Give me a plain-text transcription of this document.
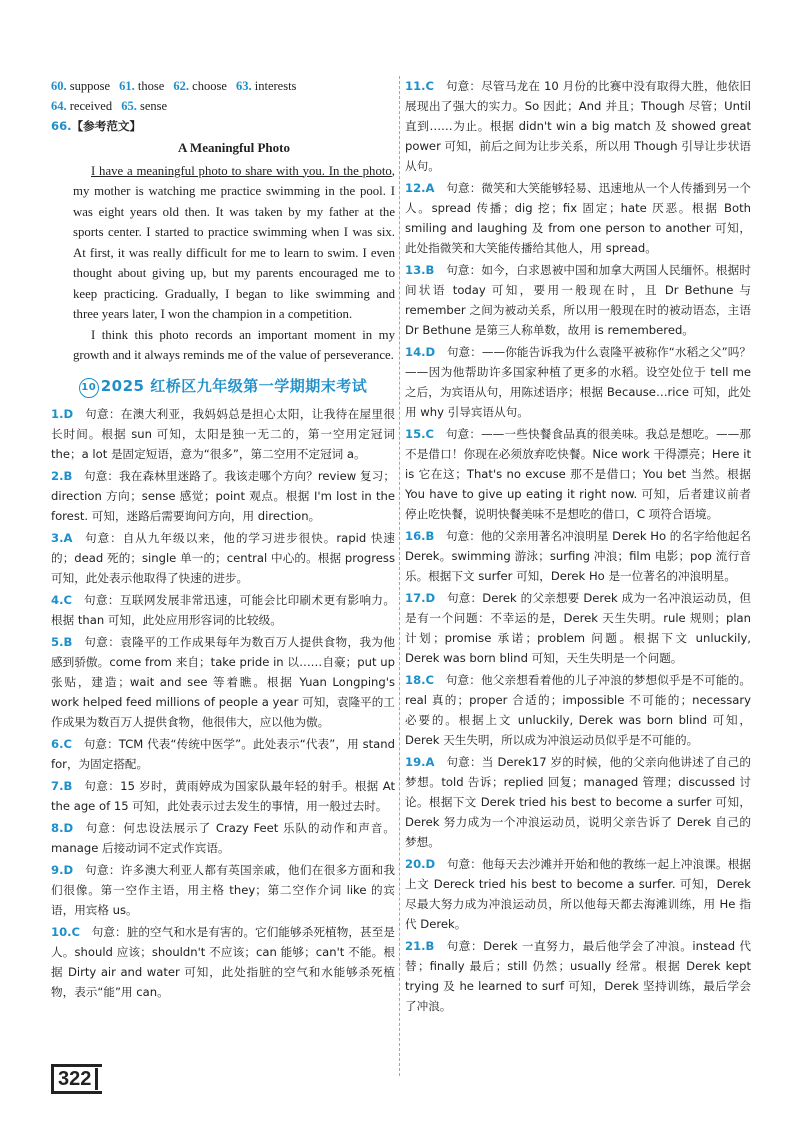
60. suppose 61. those 62. choose 63. interests
64. received 65. sense
66.【参考范文】
A Meaningful Photo

I have a meaningful photo to share with you. In the photo, my mother is watching me practice swimming in the pool. I was eight years old then. It was taken by my father at the sports center. I started to practice swimming when I was six. At first, it was really difficult for me to learn to swim. I even thought about giving up, but my parents encouraged me to keep practicing. Gradually, I began to like swimming and three years later, I won the champion in a competition.

I think this photo records an important moment in my growth and it always reminds me of the value of perseverance.

10 2025 红桥区九年级第一学期期末考试
1.D  句意：在澳大利亚，我妈妈总是担心太阳，让我待在屋里很长时间。根据 sun 可知，太阳是独一无二的，第一空用定冠词 the；a lot 是固定短语，意为“很多”，第二空用不定冠词 a。
2.B  句意：我在森林里迷路了。我该走哪个方向？review 复习；direction 方向；sense 感觉；point 观点。根据 I'm lost in the forest. 可知，迷路后需要询问方向，用 direction。
3.A  句意：自从九年级以来，他的学习进步很快。rapid 快速的；dead 死的；single 单一的；central 中心的。根据 progress 可知，此处表示他取得了快速的进步。
4.C  句意：互联网发展非常迅速，可能会比印刷术更有影响力。根据 than 可知，此处应用形容词的比较级。
5.B  句意：袁隆平的工作成果每年为数百万人提供食物，我为他感到骄傲。come from 来自；take pride in 以……自豪；put up 张贴，建造；wait and see 等着瞧。根据 Yuan Longping's work helped feed millions of people a year 可知，袁隆平的工作成果为数百万人提供食物，他很伟大，应以他为傲。
6.C  句意：TCM 代表“传统中医学”。此处表示“代表”，用 stand for，为固定搭配。
7.B  句意：15 岁时，黄雨婷成为国家队最年轻的射手。根据 At the age of 15 可知，此处表示过去发生的事情，用一般过去时。
8.D  句意：何忠设法展示了 Crazy Feet 乐队的动作和声音。manage 后接动词不定式作宾语。
9.D  句意：许多澳大利亚人都有英国亲戚，他们在很多方面和我们很像。第一空作主语，用主格 they；第二空作介词 like 的宾语，用宾格 us。
10.C  句意：脏的空气和水是有害的。它们能够杀死植物，甚至是人。should 应该；shouldn't 不应该；can 能够；can't 不能。根据 Dirty air and water 可知，此处指脏的空气和水能够杀死植物，表示“能”用 can。
11.C  句意：尽管马龙在 10 月份的比赛中没有取得大胜，他依旧展现出了强大的实力。So 因此；And 并且；Though 尽管；Until 直到……为止。根据 didn't win a big match 及 showed great power 可知，前后之间为让步关系，所以用 Though 引导让步状语从句。
12.A  句意：微笑和大笑能够轻易、迅速地从一个人传播到另一个人。spread 传播；dig 挖；fix 固定；hate 厌恶。根据 Both smiling and laughing 及 from one person to another 可知，此处指微笑和大笑能传播给其他人，用 spread。
13.B  句意：如今，白求恩被中国和加拿大两国人民缅怀。根据时间状语 today 可知，要用一般现在时，且 Dr Bethune 与 remember 之间为被动关系，所以用一般现在时的被动语态，主语 Dr Bethune 是第三人称单数，故用 is remembered。
14.D  句意：——你能告诉我为什么袁隆平被称作“水稻之父”吗？——因为他帮助许多国家种植了更多的水稻。设空处位于 tell me 之后，为宾语从句，用陈述语序；根据 Because…rice 可知，此处用 why 引导宾语从句。
15.C  句意：——一些快餐食品真的很美味。我总是想吃。——那不是借口！你现在必须放弃吃快餐。Nice work 干得漂亮；Here it is 它在这；That's no excuse 那不是借口；You bet 当然。根据 You have to give up eating it right now. 可知，后者建议前者停止吃快餐，说明快餐美味不是想吃的借口，C 项符合语境。
16.B  句意：他的父亲用著名冲浪明星 Derek Ho 的名字给他起名 Derek。swimming 游泳；surfing 冲浪；film 电影；pop 流行音乐。根据下文 surfer 可知，Derek Ho 是一位著名的冲浪明星。
17.D  句意：Derek 的父亲想要 Derek 成为一名冲浪运动员，但是有一个问题：不幸运的是，Derek 天生失明。rule 规则；plan 计划；promise 承诺；problem 问题。根据下文 unluckily, Derek was born blind 可知，天生失明是一个问题。
18.C  句意：他父亲想看着他的儿子冲浪的梦想似乎是不可能的。real 真的；proper 合适的；impossible 不可能的；necessary 必要的。根据上文 unluckily, Derek was born blind 可知，Derek 天生失明，所以成为冲浪运动员似乎是不可能的。
19.A  句意：当 Derek17 岁的时候，他的父亲向他讲述了自己的梦想。told 告诉；replied 回复；managed 管理；discussed 讨论。根据下文 Derek tried his best to become a surfer 可知，Derek 努力成为一个冲浪运动员，说明父亲告诉了 Derek 自己的梦想。
20.D  句意：他每天去沙滩并开始和他的教练一起上冲浪课。根据上文 Dereck tried his best to become a surfer. 可知，Derek 尽最大努力成为冲浪运动员，所以他每天都去海滩训练，用 He 指代 Derek。
21.B  句意：Derek 一直努力，最后他学会了冲浪。instead 代替；finally 最后；still 仍然；usually 经常。根据 Derek kept trying 及 he learned to surf 可知，Derek 坚持训练，最后学会了冲浪。
322
